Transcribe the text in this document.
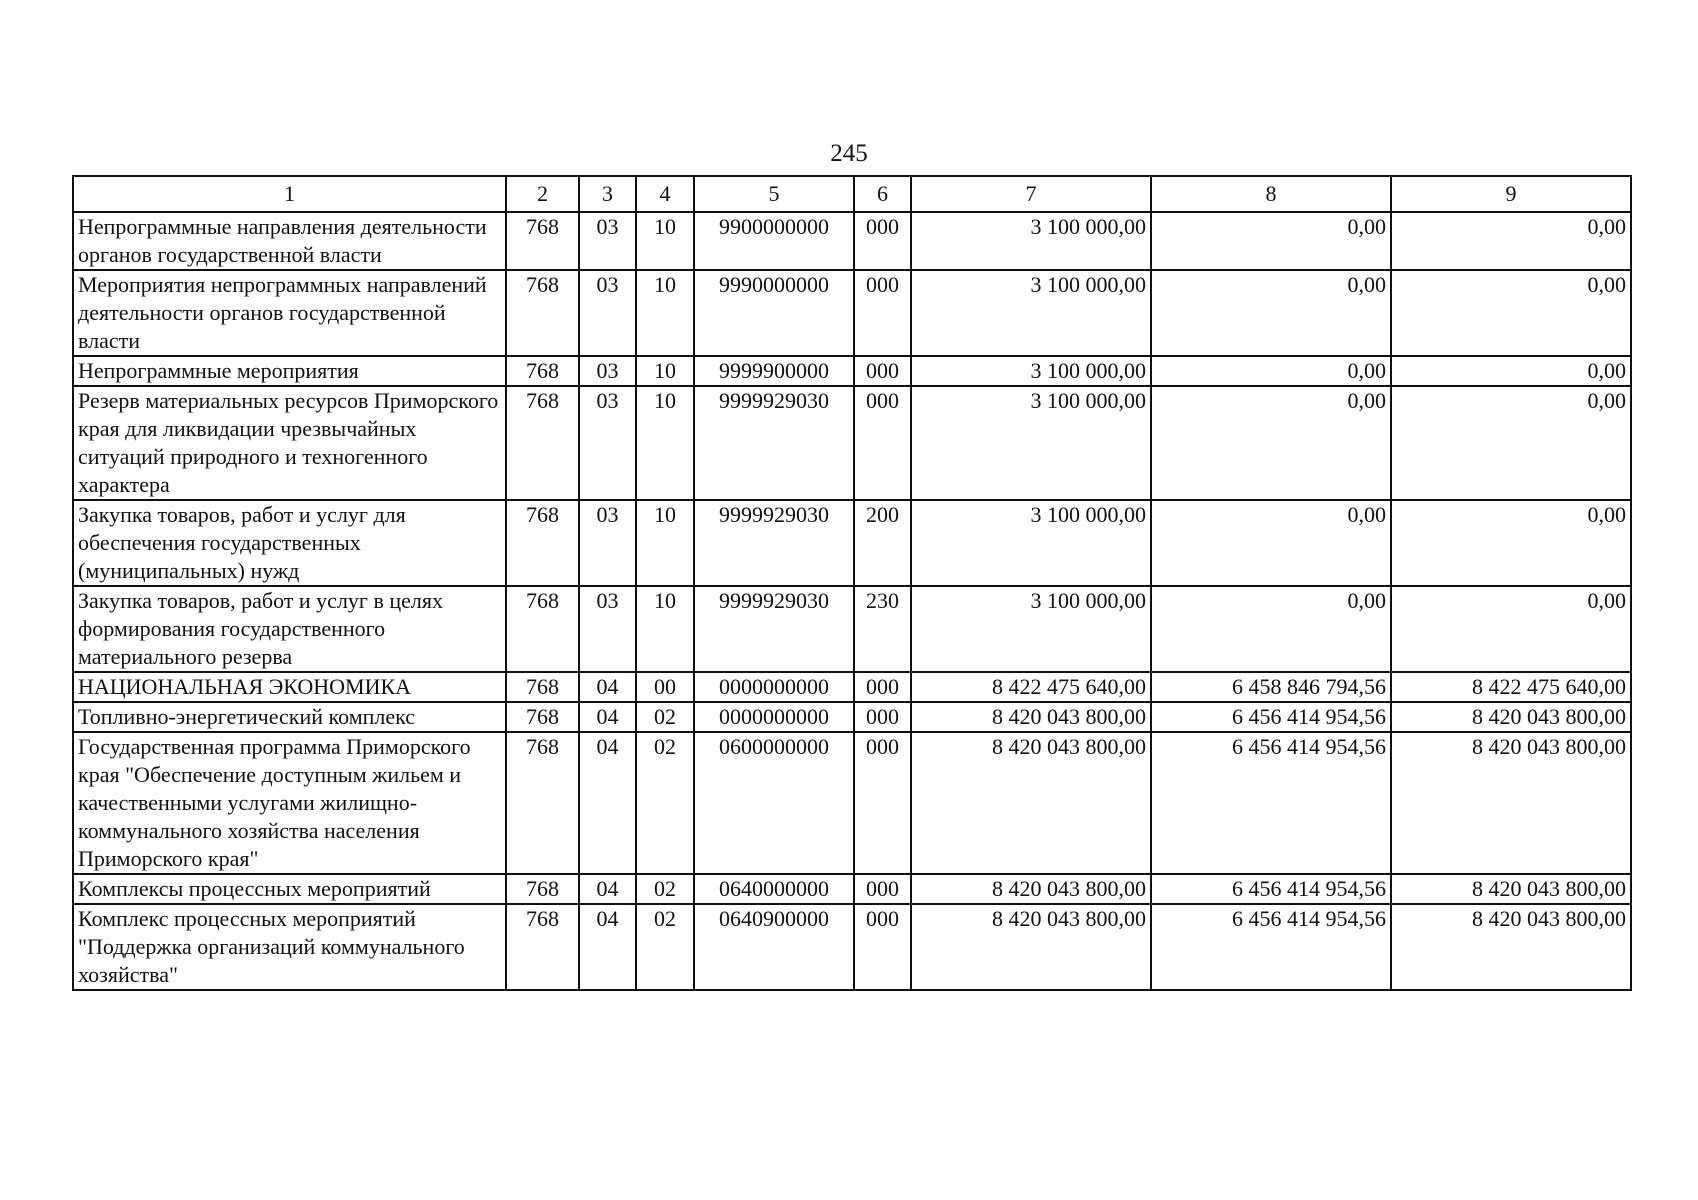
245
1	2	3	4	5	6	7	8	9
Непрограммные направления деятельности органов государственной власти	768	03	10	9900000000	000	3 100 000,00	0,00	0,00
Мероприятия непрограммных направлений деятельности органов государственной власти	768	03	10	9990000000	000	3 100 000,00	0,00	0,00
Непрограммные мероприятия	768	03	10	9999900000	000	3 100 000,00	0,00	0,00
Резерв материальных ресурсов Приморского края для ликвидации чрезвычайных ситуаций природного и техногенного характера	768	03	10	9999929030	000	3 100 000,00	0,00	0,00
Закупка товаров, работ и услуг для обеспечения государственных (муниципальных) нужд	768	03	10	9999929030	200	3 100 000,00	0,00	0,00
Закупка товаров, работ и услуг в целях формирования государственного материального резерва	768	03	10	9999929030	230	3 100 000,00	0,00	0,00
НАЦИОНАЛЬНАЯ ЭКОНОМИКА	768	04	00	0000000000	000	8 422 475 640,00	6 458 846 794,56	8 422 475 640,00
Топливно-энергетический комплекс	768	04	02	0000000000	000	8 420 043 800,00	6 456 414 954,56	8 420 043 800,00
Государственная программа Приморского края "Обеспечение доступным жильем и качественными услугами жилищно-коммунального хозяйства населения Приморского края"	768	04	02	0600000000	000	8 420 043 800,00	6 456 414 954,56	8 420 043 800,00
Комплексы процессных мероприятий	768	04	02	0640000000	000	8 420 043 800,00	6 456 414 954,56	8 420 043 800,00
Комплекс процессных мероприятий "Поддержка организаций коммунального хозяйства"	768	04	02	0640900000	000	8 420 043 800,00	6 456 414 954,56	8 420 043 800,00
